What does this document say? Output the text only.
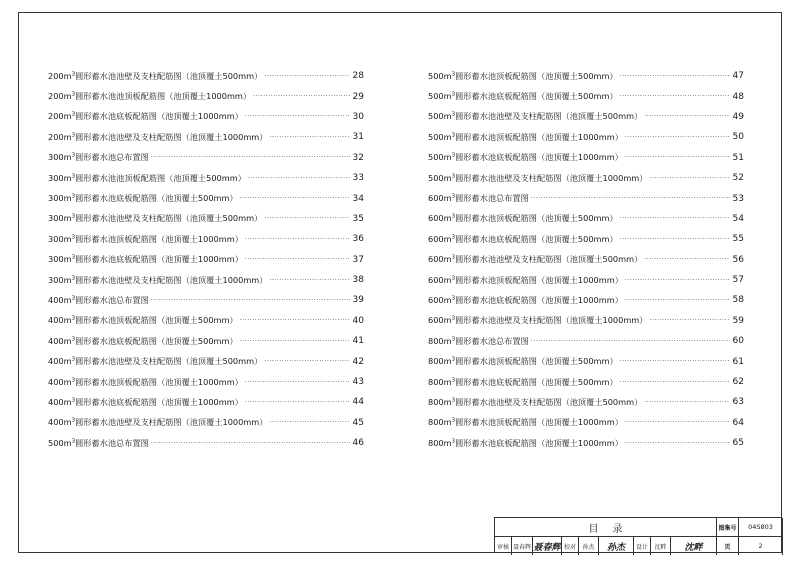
$200m^3$圆形蓄水池池壁及支柱配筋图（池顶覆土500mm） ·····	28
$200m^3$圆形蓄水池池顶板配筋图（池顶覆土1000mm） ·····	29
$200m^3$圆形蓄水池底板配筋图（池顶覆土1000mm） ·····	30
$200m^3$圆形蓄水池池壁及支柱配筋图（池顶覆土1000mm） ·····	31
$300m^3$圆形蓄水池总布置图 ·····	32
$300m^3$圆形蓄水池池顶板配筋图（池顶覆土500mm） ·····	33
$300m^3$圆形蓄水池底板配筋图（池顶覆土500mm） ·····	34
$300m^3$圆形蓄水池池壁及支柱配筋图（池顶覆土500mm） ·····	35
$300m^3$圆形蓄水池顶板配筋图（池顶覆土1000mm） ·····	36
$300m^3$圆形蓄水池底板配筋图（池顶覆土1000mm） ·····	37
$300m^3$圆形蓄水池池壁及支柱配筋图（池顶覆土1000mm） ·····	38
$400m^3$圆形蓄水池总布置图 ·····	39
$400m^3$圆形蓄水池顶板配筋图（池顶覆土500mm） ·····	40
$400m^3$圆形蓄水池底板配筋图（池顶覆土500mm） ·····	41
$400m^3$圆形蓄水池池壁及支柱配筋图（池顶覆土500mm） ·····	42
$400m^3$圆形蓄水池顶板配筋图（池顶覆土1000mm） ·····	43
$400m^3$圆形蓄水池底板配筋图（池顶覆土1000mm） ·····	44
$400m^3$圆形蓄水池池壁及支柱配筋图（池顶覆土1000mm） ·····	45
$500m^3$圆形蓄水池总布置图 ·····	46
$500m^3$圆形蓄水池顶板配筋图（池顶覆土500mm） ·····	47
$500m^3$圆形蓄水池底板配筋图（池顶覆土500mm） ·····	48
$500m^3$圆形蓄水池池壁及支柱配筋图（池顶覆土500mm） ·····	49
$500m^3$圆形蓄水池顶板配筋图（池顶覆土1000mm） ·····	50
$500m^3$圆形蓄水池底板配筋图（池顶覆土1000mm） ·····	51
$500m^3$圆形蓄水池池壁及支柱配筋图（池顶覆土1000mm） ·····	52
$600m^3$圆形蓄水池总布置图 ·····	53
$600m^3$圆形蓄水池顶板配筋图（池顶覆土500mm） ·····	54
$600m^3$圆形蓄水池底板配筋图（池顶覆土500mm） ·····	55
$600m^3$圆形蓄水池池壁及支柱配筋图（池顶覆土500mm） ·····	56
$600m^3$圆形蓄水池顶板配筋图（池顶覆土1000mm） ·····	57
$600m^3$圆形蓄水池底板配筋图（池顶覆土1000mm） ·····	58
$600m^3$圆形蓄水池池壁及支柱配筋图（池顶覆土1000mm） ·····	59
$800m^3$圆形蓄水池总布置图 ·····	60
$800m^3$圆形蓄水池顶板配筋图（池顶覆土500mm） ·····	61
$800m^3$圆形蓄水池底板配筋图（池顶覆土500mm） ·····	62
$800m^3$圆形蓄水池池壁及支柱配筋图（池顶覆土500mm） ·····	63
$800m^3$圆形蓄水池顶板配筋图（池顶覆土1000mm） ·····	64
$800m^3$圆形蓄水池底板配筋图（池顶覆土1000mm） ·····	65
目录	图集号	04S803
审核 聂春辉 聂春辉 校对	孙杰	孙杰	设计	沈畔	沈畔	页	2
